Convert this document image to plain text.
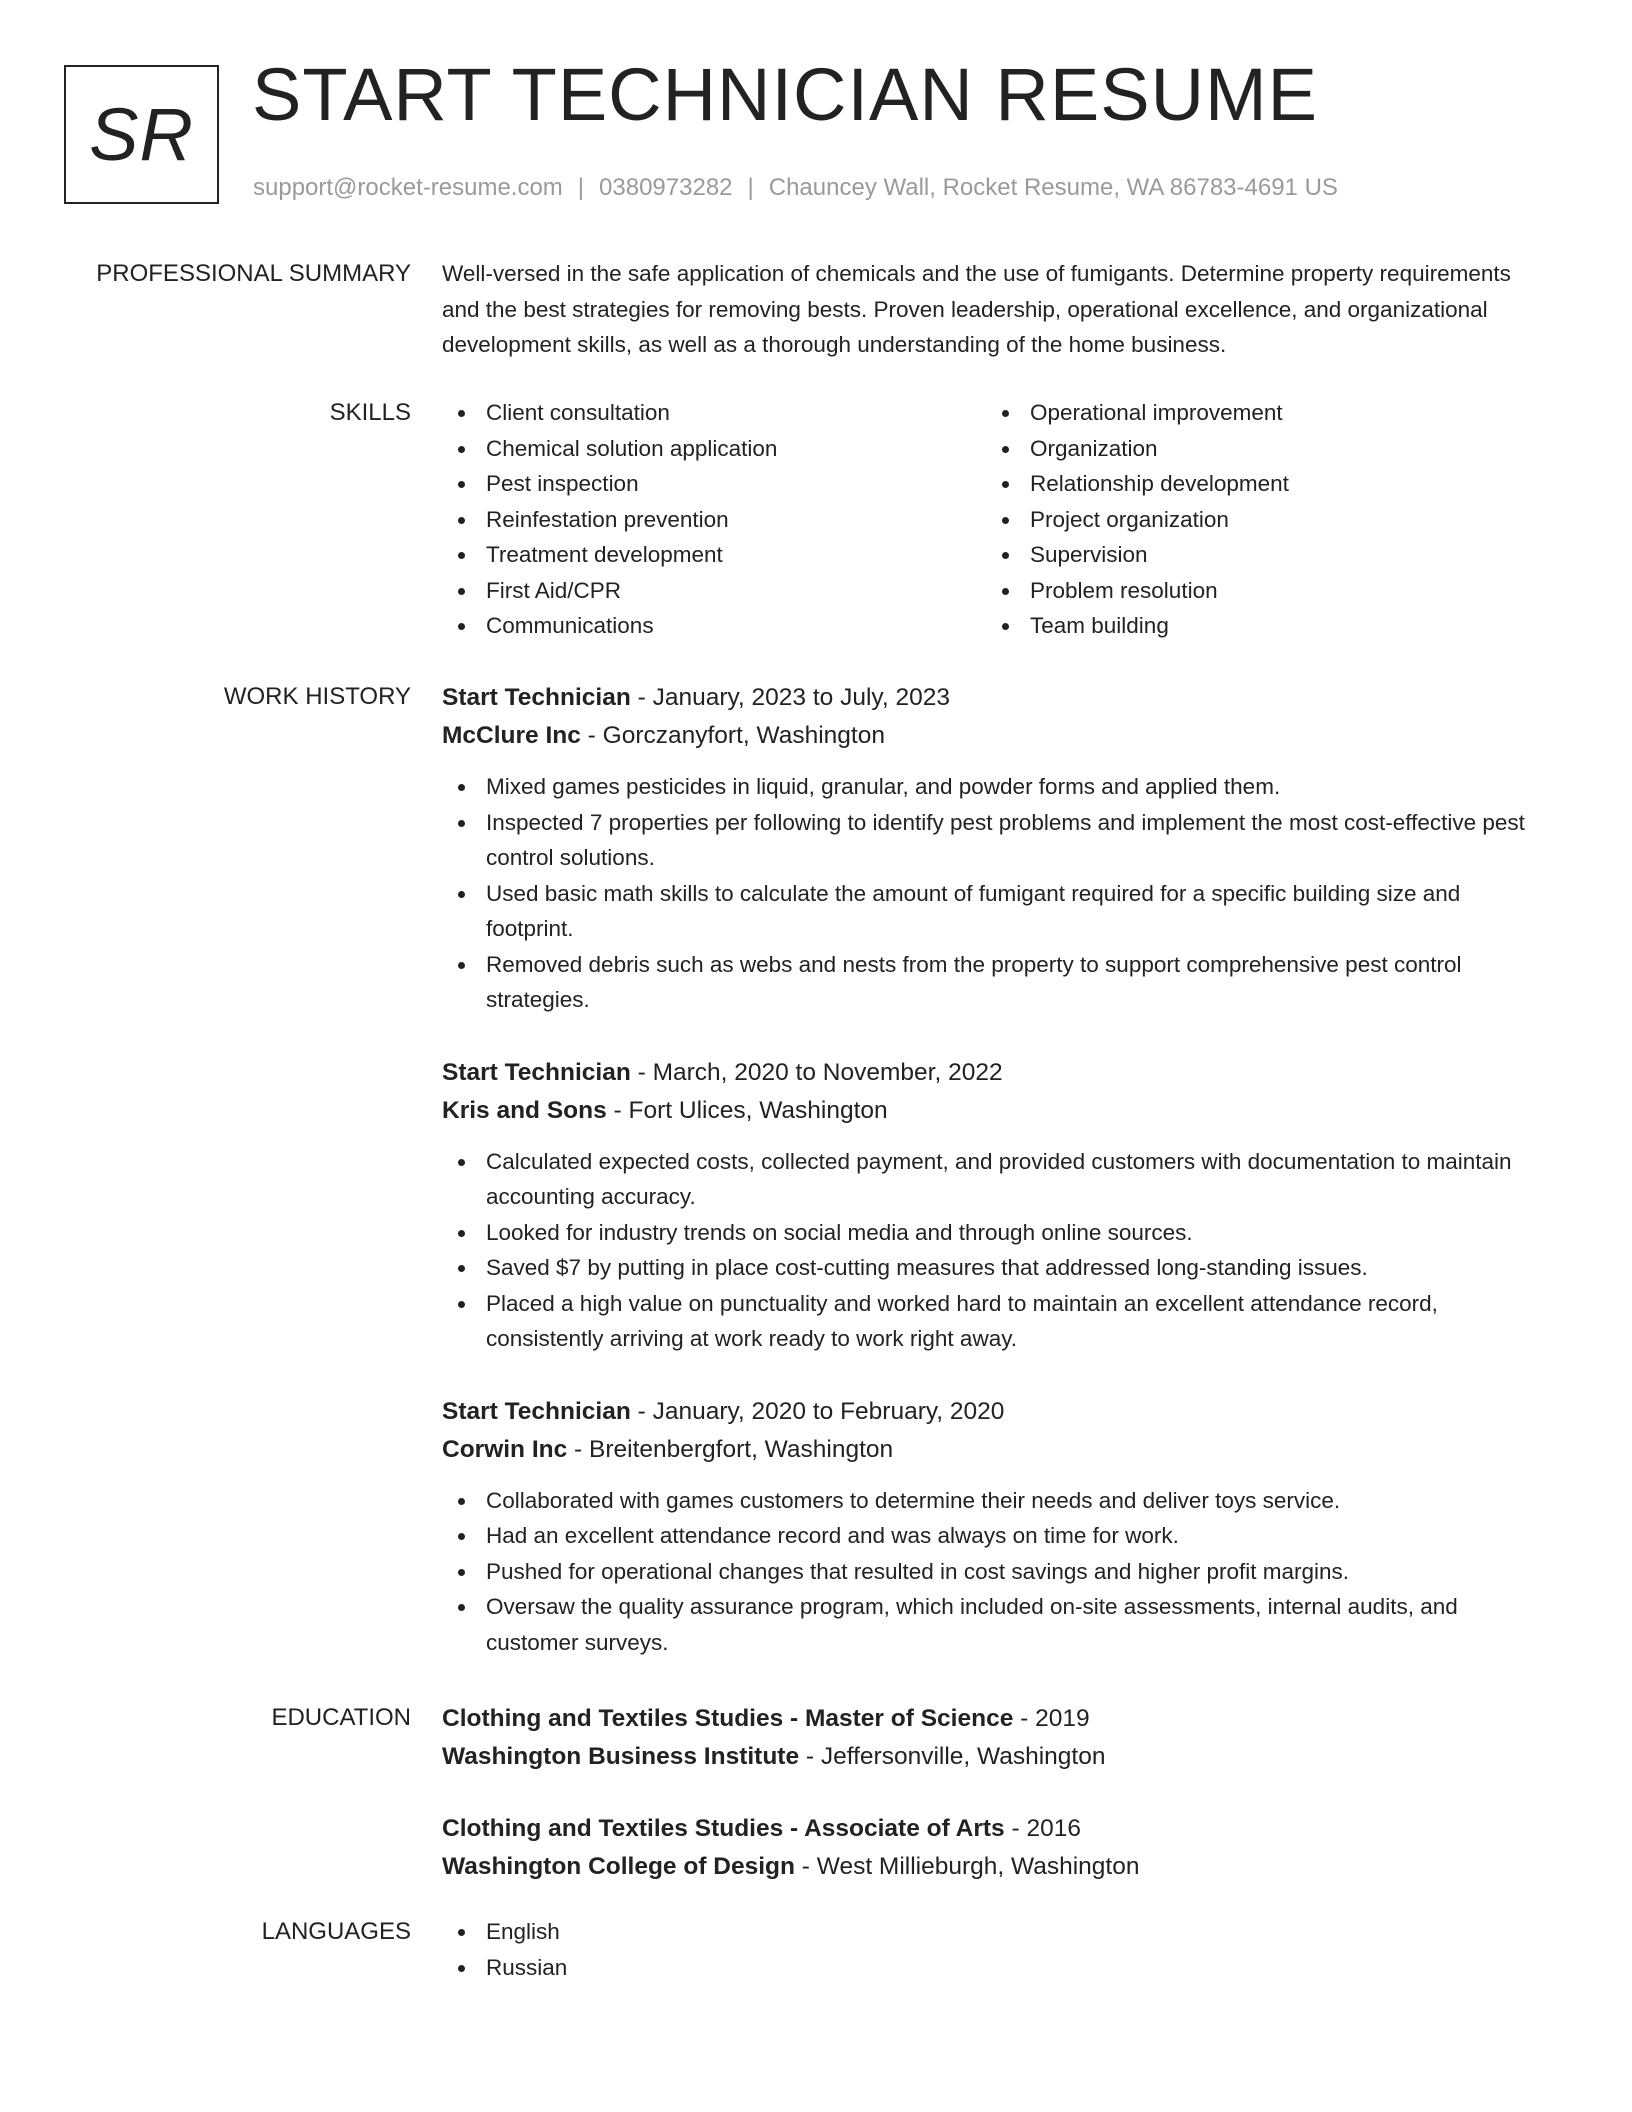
SR START TECHNICIAN RESUME
support@rocket-resume.com | 0380973282 | Chauncey Wall, Rocket Resume, WA 86783-4691 US
PROFESSIONAL SUMMARY Well-versed in the safe application of chemicals and the use of fumigants. Determine property requirements and the best strategies for removing bests. Proven leadership, operational excellence, and organizational development skills, as well as a thorough understanding of the home business.

SKILLS	Client consultation
Chemical solution application
Pest inspection
Reinfestation prevention
Treatment development
First Aid/CPR
Communications
Operational improvement
Organization
Relationship development
Project organization
Supervision
Problem resolution
Team building
WORK HISTORY Start Technician - January, 2023 to July, 2023
McClure Inc - Gorczanyfort, Washington
Mixed games pesticides in liquid, granular, and powder forms and applied them.
Inspected 7 properties per following to identify pest problems and implement the most cost-effective pest control solutions.
Used basic math skills to calculate the amount of fumigant required for a specific building size and footprint.
Removed debris such as webs and nests from the property to support comprehensive pest control strategies.
Start Technician - March, 2020 to November, 2022
Kris and Sons - Fort Ulices, Washington
Calculated expected costs, collected payment, and provided customers with documentation to maintain accounting accuracy.
Looked for industry trends on social media and through online sources.
Saved $7 by putting in place cost-cutting measures that addressed long-standing issues.
Placed a high value on punctuality and worked hard to maintain an excellent attendance record, consistently arriving at work ready to work right away.
Start Technician - January, 2020 to February, 2020
Corwin Inc - Breitenbergfort, Washington
Collaborated with games customers to determine their needs and deliver toys service.
Had an excellent attendance record and was always on time for work.
Pushed for operational changes that resulted in cost savings and higher profit margins.
Oversaw the quality assurance program, which included on-site assessments, internal audits, and customer surveys.
EDUCATION Clothing and Textiles Studies - Master of Science - 2019
Washington Business Institute - Jeffersonville, Washington
Clothing and Textiles Studies - Associate of Arts - 2016
Washington College of Design - West Millieburgh, Washington
LANGUAGES	English
Russian
